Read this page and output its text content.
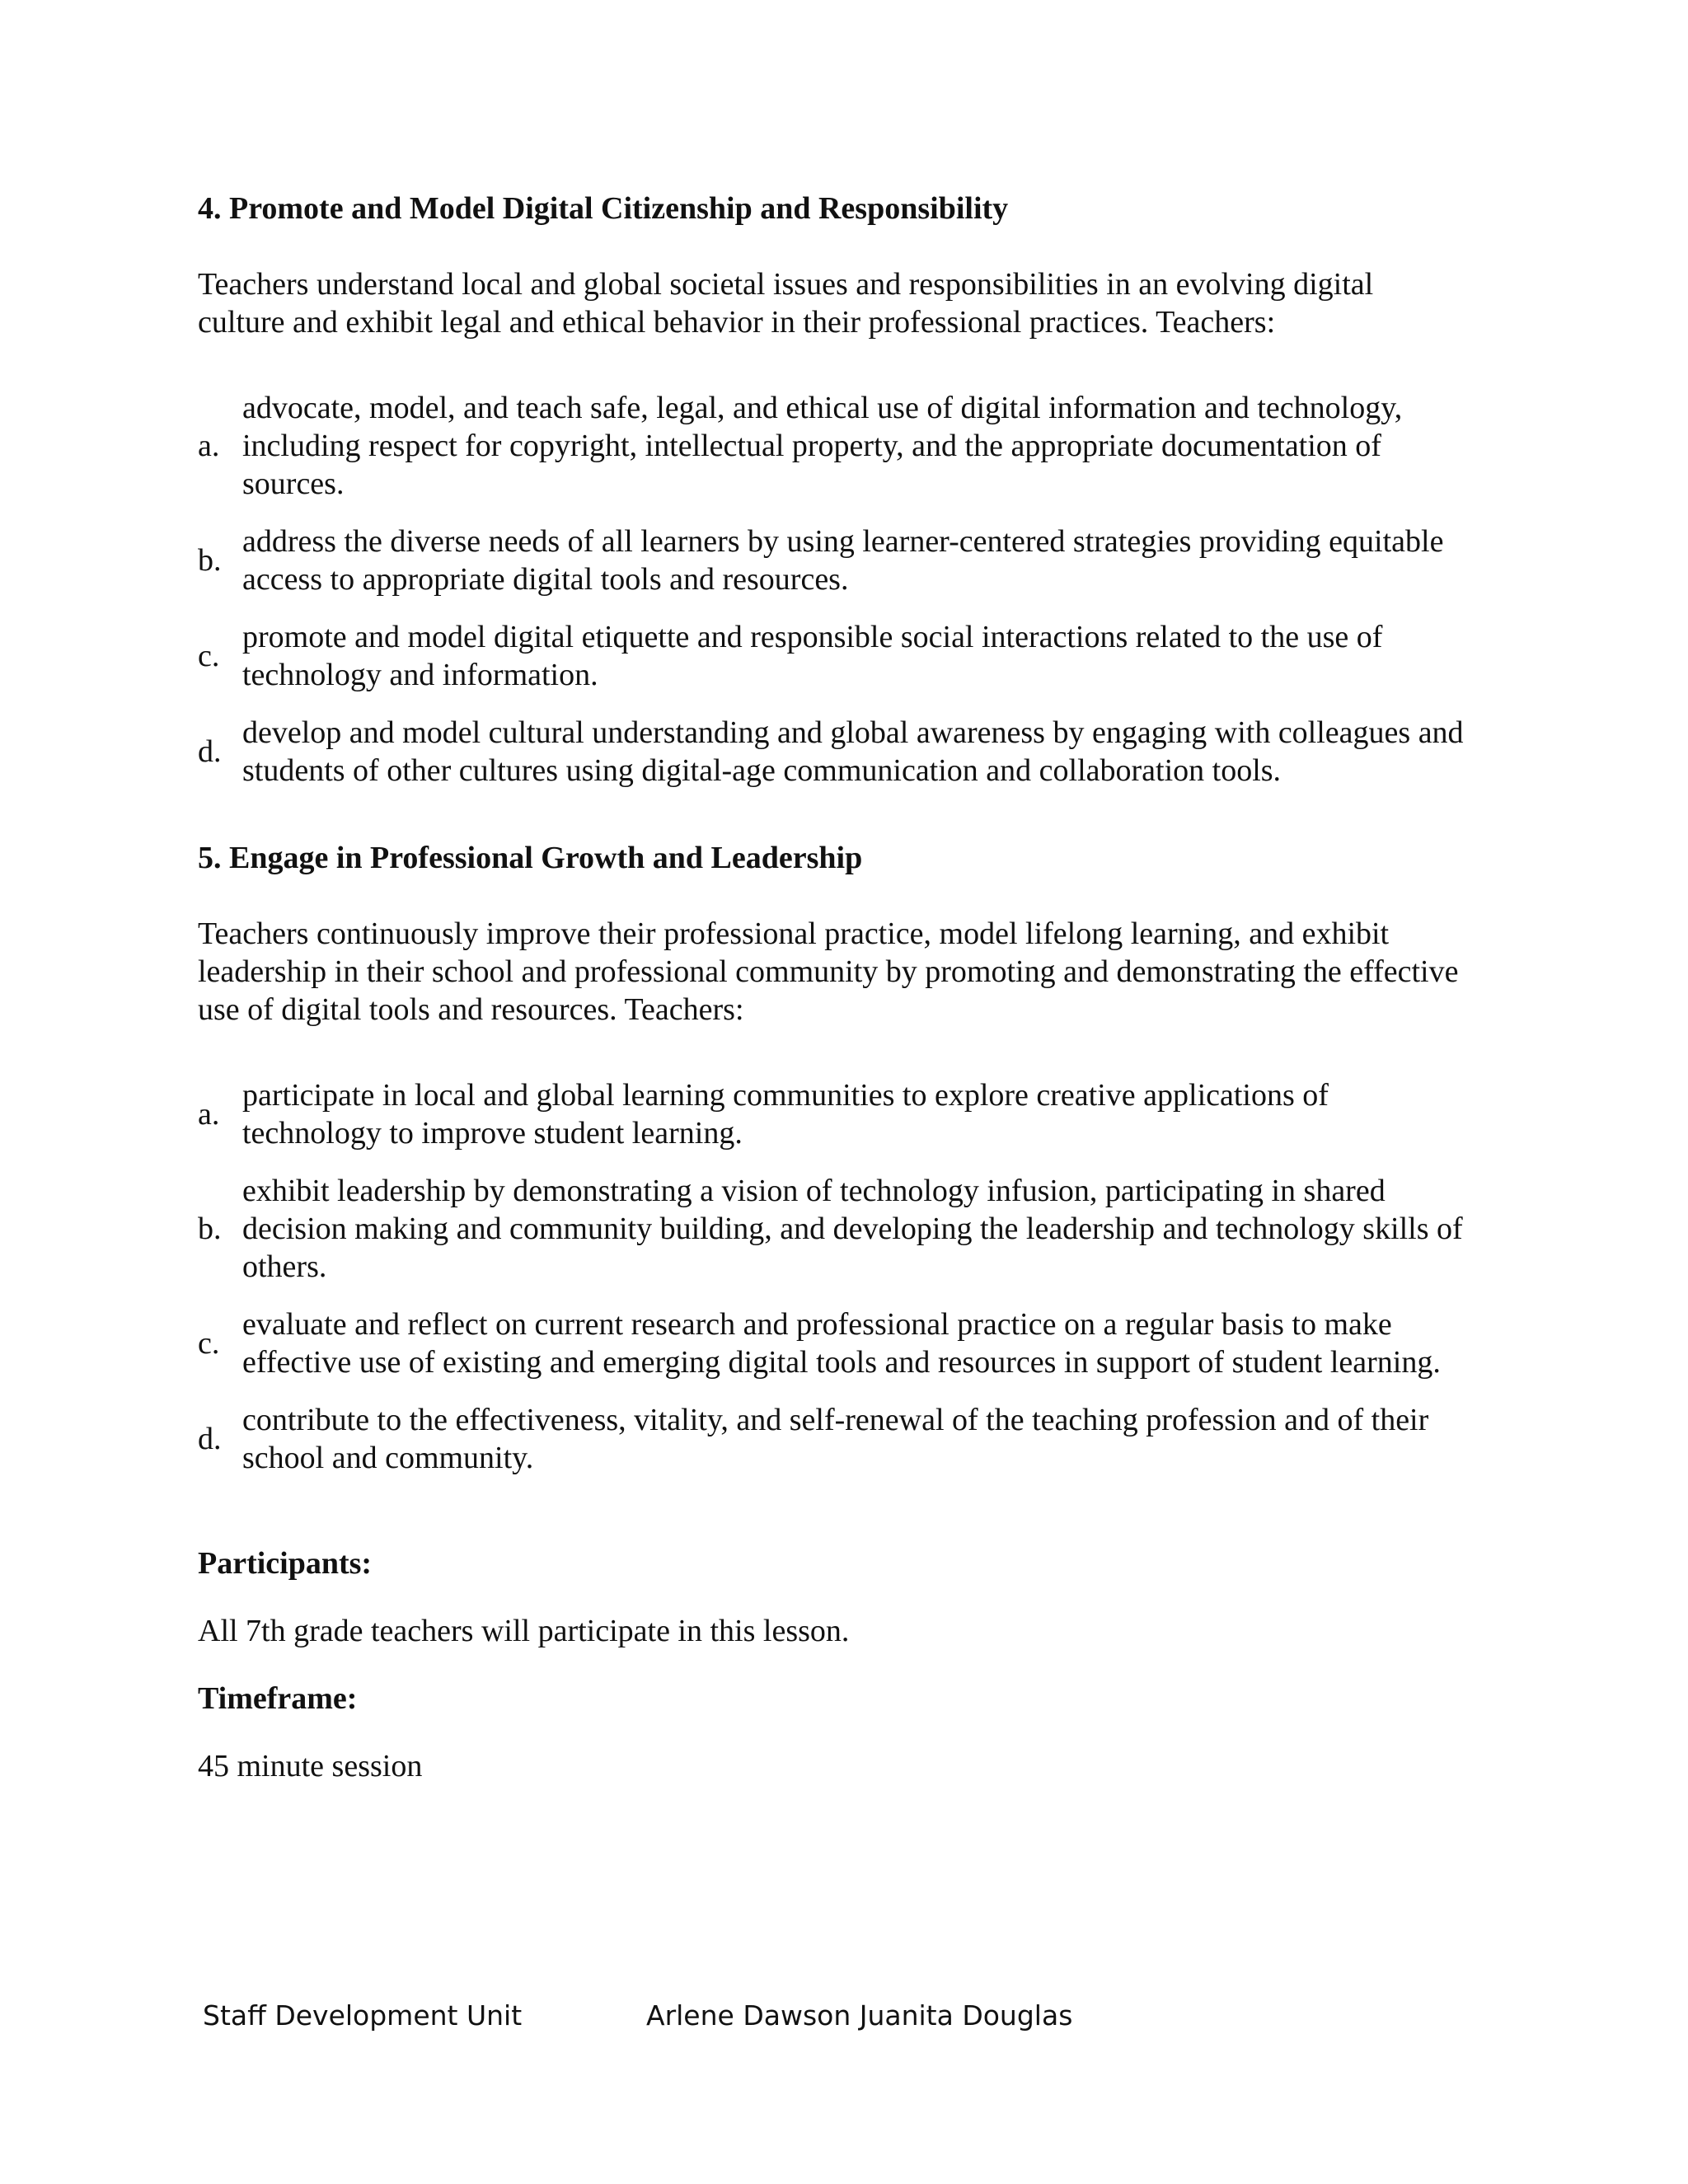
4. Promote and Model Digital Citizenship and Responsibility

Teachers understand local and global societal issues and responsibilities in an evolving digital culture and exhibit legal and ethical behavior in their professional practices. Teachers:

a.
advocate, model, and teach safe, legal, and ethical use of digital information and technology, including respect for copyright, intellectual property, and the appropriate documentation of sources.
b.
address the diverse needs of all learners by using learner-centered strategies providing equitable access to appropriate digital tools and resources.
c.
promote and model digital etiquette and responsible social interactions related to the use of technology and information.
d.
develop and model cultural understanding and global awareness by engaging with colleagues and students of other cultures using digital-age communication and collaboration tools.

5. Engage in Professional Growth and Leadership

Teachers continuously improve their professional practice, model lifelong learning, and exhibit leadership in their school and professional community by promoting and demonstrating the effective use of digital tools and resources. Teachers:

a.
participate in local and global learning communities to explore creative applications of technology to improve student learning.
b.
exhibit leadership by demonstrating a vision of technology infusion, participating in shared decision making and community building, and developing the leadership and technology skills of others.
c.
evaluate and reflect on current research and professional practice on a regular basis to make effective use of existing and emerging digital tools and resources in support of student learning.
d.
contribute to the effectiveness, vitality, and self-renewal of the teaching profession and of their school and community.

Participants:

All 7th grade teachers will participate in this lesson.

Timeframe:

45 minute session

Staff Development Unit	Arlene Dawson Juanita Douglas
